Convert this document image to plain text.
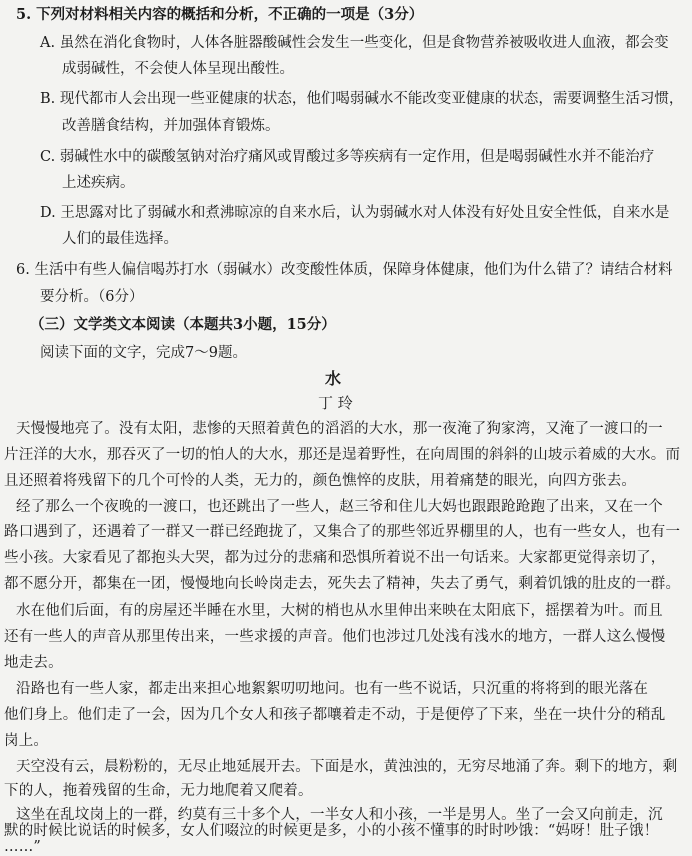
5. 下列对材料相关内容的概括和分析，不正确的一项是（3分）
A. 虽然在消化食物时，人体各脏器酸碱性会发生一些变化，但是食物营养被吸收进人血液，都会变
成弱碱性，不会使人体呈现出酸性。
B. 现代都市人会出现一些亚健康的状态，他们喝弱碱水不能改变亚健康的状态，需要调整生活习惯，
改善膳食结构，并加强体育锻炼。
C. 弱碱性水中的碳酸氢钠对治疗痛风或胃酸过多等疾病有一定作用，但是喝弱碱性水并不能治疗
上述疾病。
D. 王思露对比了弱碱水和煮沸晾凉的自来水后，认为弱碱水对人体没有好处且安全性低，自来水是
人们的最佳选择。
6. 生活中有些人偏信喝苏打水（弱碱水）改变酸性体质，保障身体健康，他们为什么错了？请结合材料
要分析。（6分）
（三）文学类文本阅读（本题共3小题，15分）
阅读下面的文字，完成7～9题。
水
丁 玲
天慢慢地亮了。没有太阳，悲惨的天照着黄色的滔滔的大水，那一夜淹了狗家湾，又淹了一渡口的一
片汪洋的大水，那吞灭了一切的怕人的大水，那还是逞着野性，在向周围的斜斜的山坡示着威的大水。而
且还照着将残留下的几个可怜的人类，无力的，颜色憔悴的皮肤，用着痛楚的眼光，向四方张去。
经了那么一个夜晚的一渡口，也还跳出了一些人，赵三爷和住儿大妈也跟跟跄跄跑了出来，又在一个
路口遇到了，还遇着了一群又一群已经跑拢了，又集合了的那些邻近界棚里的人，也有一些女人，也有一
些小孩。大家看见了都抱头大哭，都为过分的悲痛和恐惧所着说不出一句话来。大家都更觉得亲切了，
都不愿分开，都集在一团，慢慢地向长岭岗走去，死失去了精神，失去了勇气，剩着饥饿的肚皮的一群。
水在他们后面，有的房屋还半睡在水里，大树的梢也从水里伸出来映在太阳底下，摇摆着为叶。而且
还有一些人的声音从那里传出来，一些求援的声音。他们也涉过几处浅有浅水的地方，一群人这么慢慢
地走去。
沿路也有一些人家，都走出来担心地絮絮叨叨地问。也有一些不说话，只沉重的将将到的眼光落在
他们身上。他们走了一会，因为几个女人和孩子都嚷着走不动，于是便停了下来，坐在一块什分的稍乱
岗上。
天空没有云，晨粉粉的，无尽止地延展开去。下面是水，黄浊浊的，无穷尽地涌了奔。剩下的地方，剩
下的人，拖着残留的生命，无力地爬着又爬着。
这坐在乱坟岗上的一群，约莫有三十多个人，一半女人和小孩，一半是男人。坐了一会又向前走，沉
默的时候比说话的时候多，女人们啜泣的时候更是多，小的小孩不懂事的时时吵饿：“妈呀！肚子饿！
……”
